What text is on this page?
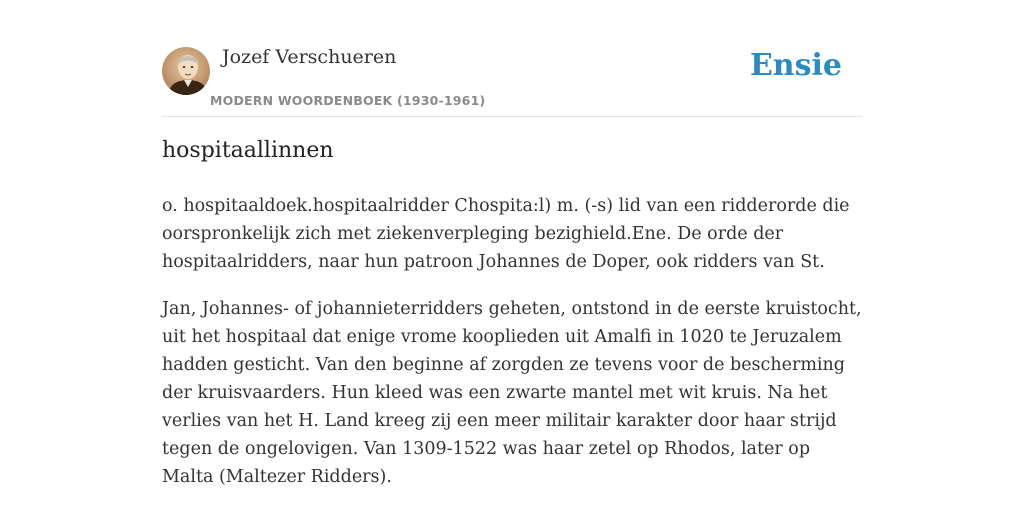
Jozef Verschueren
MODERN WOORDENBOEK (1930-1961)
Ensie
hospitaallinnen

o. hospitaaldoek.hospitaalridder Chospita:l) m. (-s) lid van een ridderorde die oorspronkelijk zich met ziekenverpleging bezighield.Ene. De orde der hospitaalridders, naar hun patroon Johannes de Doper, ook ridders van St.

Jan, Johannes- of johannieterridders geheten, ontstond in de eerste kruistocht, uit het hospitaal dat enige vrome kooplieden uit Amalfi in 1020 te Jeruzalem hadden gesticht. Van den beginne af zorgden ze tevens voor de bescherming der kruisvaarders. Hun kleed was een zwarte mantel met wit kruis. Na het verlies van het H. Land kreeg zij een meer militair karakter door haar strijd tegen de ongelovigen. Van 1309-1522 was haar zetel op Rhodos, later op Malta (Maltezer Ridders).
